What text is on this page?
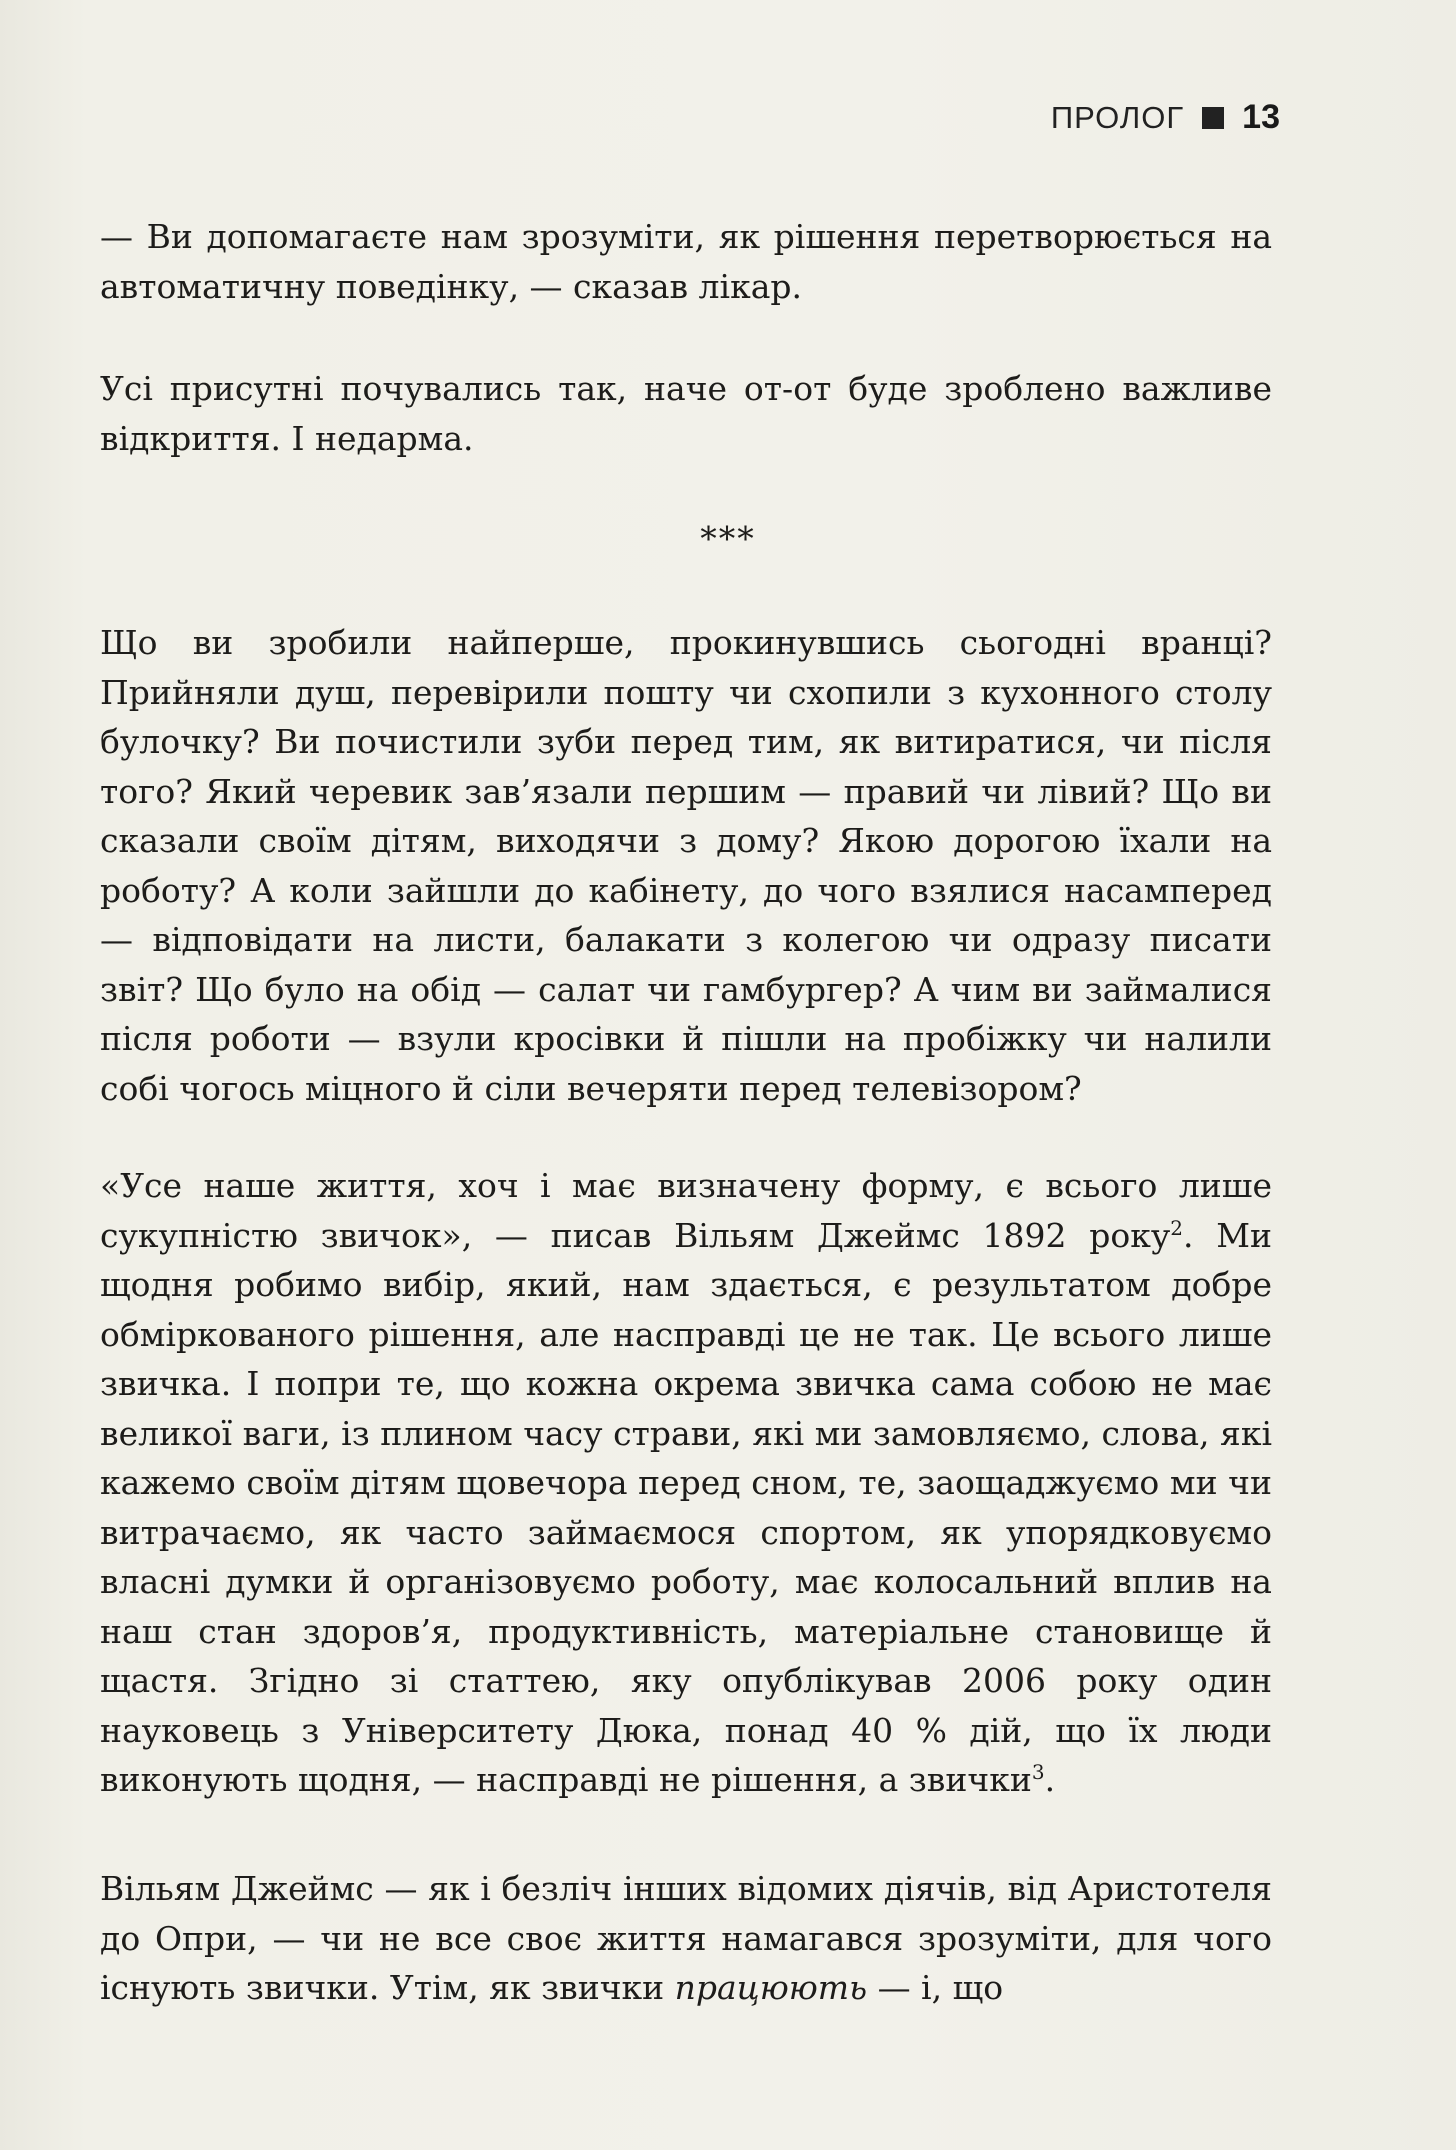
ПРОЛОГ 13

— Ви допомагаєте нам зрозуміти, як рішення перетворюється на автоматичну поведінку, — сказав лікар.

Усі присутні почувались так, наче от-от буде зроблено важливе відкриття. І недарма.

***

Що ви зробили найперше, прокинувшись сьогодні вранці? Прийняли душ, перевірили пошту чи схопили з кухонного столу булочку? Ви почистили зуби перед тим, як витиратися, чи після того? Який черевик зав’язали першим — правий чи лівий? Що ви сказали своїм дітям, виходячи з дому? Якою дорогою їхали на роботу? А коли зайшли до кабінету, до чого взялися насамперед — відповідати на листи, балакати з колегою чи одразу писати звіт? Що було на обід — салат чи гамбургер? А чим ви займалися після роботи — взули кросівки й пішли на пробіжку чи налили собі чогось міцного й сіли вечеряти перед телевізором?

«Усе наше життя, хоч і має визначену форму, є всього лише сукупністю звичок», — писав Вільям Джеймс 1892 року$^2$. Ми щодня робимо вибір, який, нам здається, є результатом добре обміркованого рішення, але насправді це не так. Це всього лише звичка. І попри те, що кожна окрема звичка сама собою не має великої ваги, із плином часу страви, які ми замовляємо, слова, які кажемо своїм дітям щовечора перед сном, те, заощаджуємо ми чи витрачаємо, як часто займаємося спортом, як упорядковуємо власні думки й організовуємо роботу, має колосальний вплив на наш стан здоров’я, продуктивність, матеріальне становище й щастя. Згідно зі статтею, яку опублікував 2006 року один науковець з Університету Дюка, понад 40 % дій, що їх люди виконують щодня, — насправді не рішення, а звички$^3$.

Вільям Джеймс — як і безліч інших відомих діячів, від Аристотеля до Опри, — чи не все своє життя намагався зрозуміти, для чого існують звички. Утім, як звички працюють — і, що
